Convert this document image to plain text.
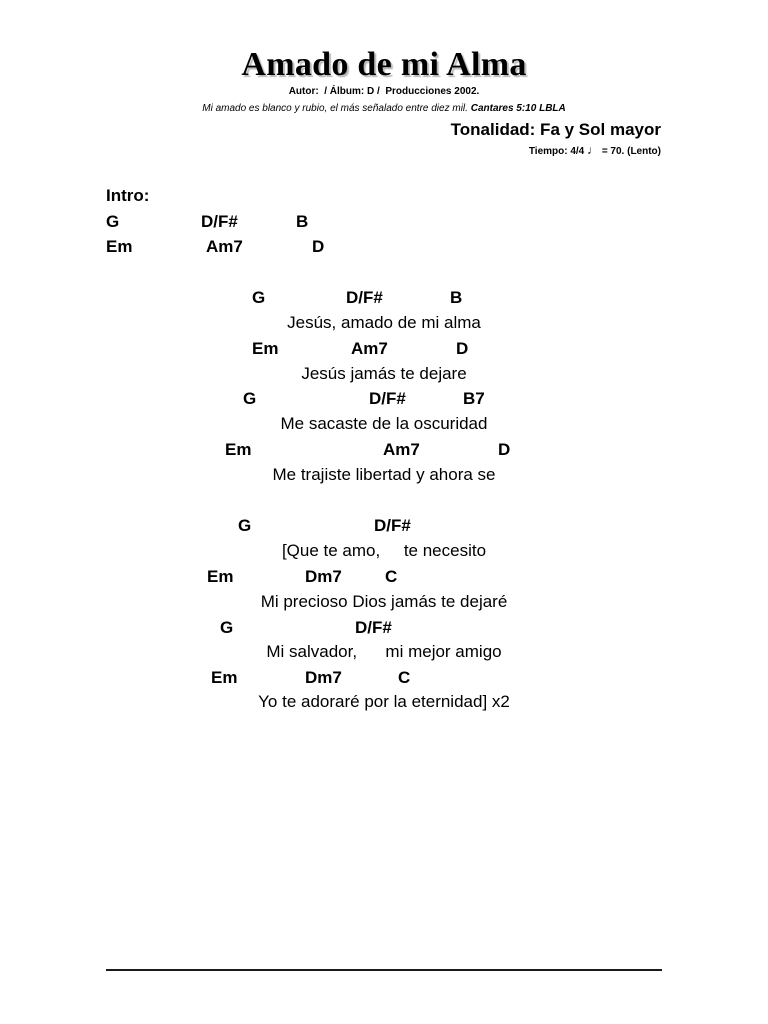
Amado de mi Alma
Autor:  / Álbum: D /  Producciones 2002.
Mi amado es blanco y rubio, el más señalado entre diez mil. Cantares 5:10 LBLA
Tonalidad: Fa y Sol mayor
Tiempo: 4/4 ♩ = 70. (Lento)
Intro:
G	D/F#	B
Em	Am7	D
G	D/F#	B
Jesús, amado de mi alma
Em	Am7	D
Jesús jamás te dejare
G	D/F#	B7
Me sacaste de la oscuridad
Em	Am7	D
Me trajiste libertad y ahora se
G	D/F#
[Que te amo,     te necesito
Em	Dm7	C
Mi precioso Dios jamás te dejaré
G	D/F#
Mi salvador,      mi mejor amigo
Em	Dm7	C
Yo te adoraré por la eternidad] x2
